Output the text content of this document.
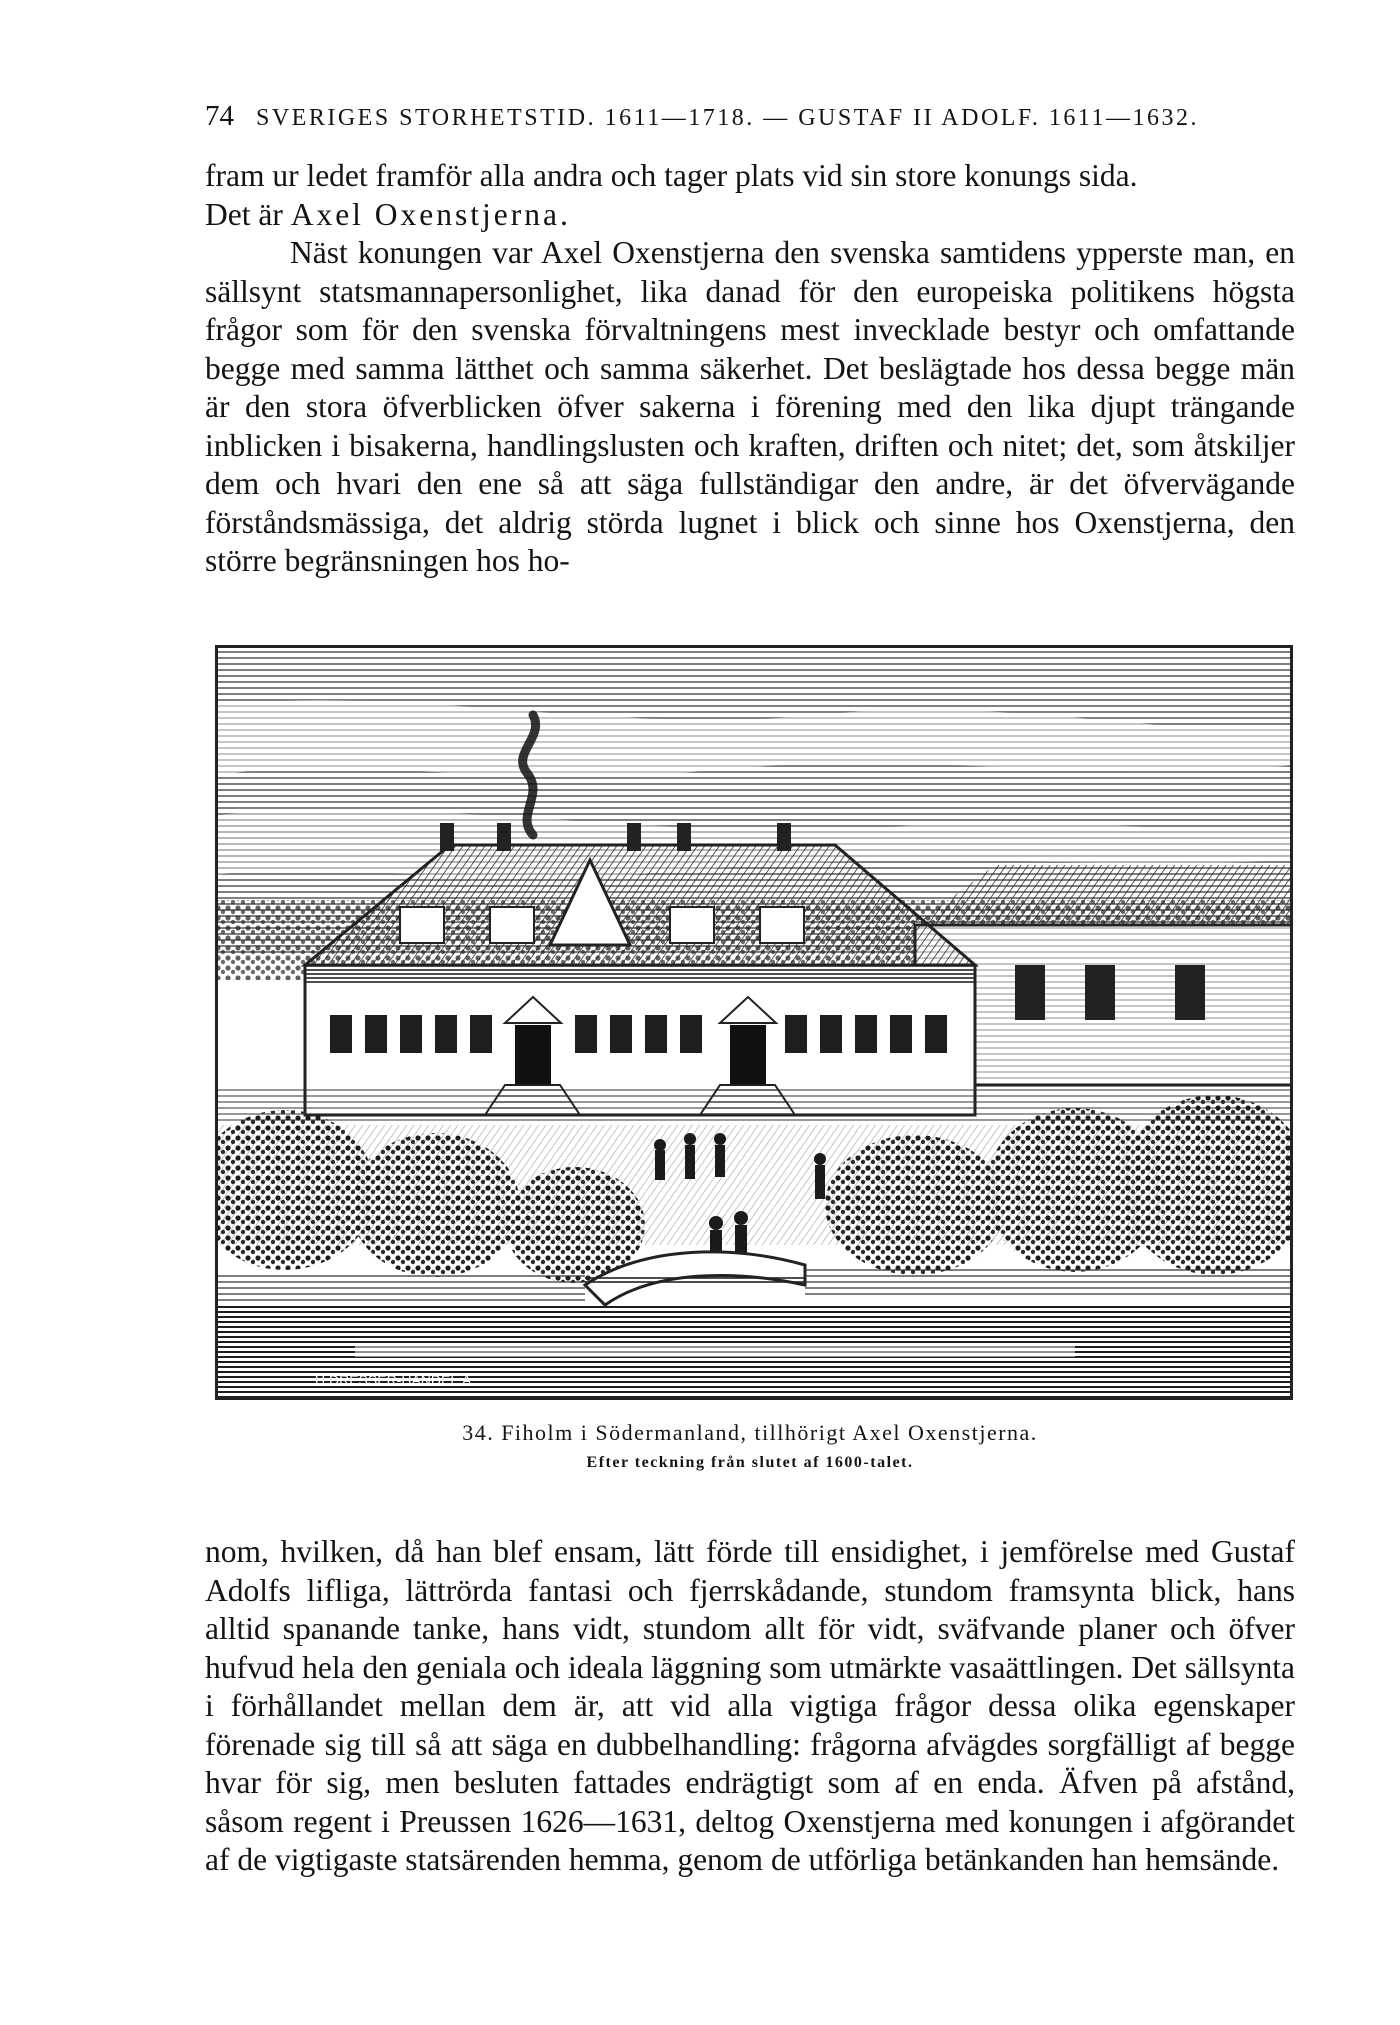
74 SVERIGES STORHETSTID. 1611—1718. — GUSTAF II ADOLF. 1611—1632.

fram ur ledet framför alla andra och tager plats vid sin store konungs sida.

Det är Axel Oxenstjerna.

Näst konungen var Axel Oxenstjerna den svenska samtidens ypperste man, en sällsynt statsmannapersonlighet, lika danad för den europeiska politikens högsta frågor som för den svenska förvaltningens mest invecklade bestyr och omfattande begge med samma lätthet och samma säkerhet. Det beslägtade hos dessa begge män är den stora öfverblicken öfver sakerna i förening med den lika djupt trängande inblicken i bisakerna, handlingslusten och kraften, driften och nitet; det, som åtskiljer dem och hvari den ene så att säga fullständigar den andre, är det öfvervägande förståndsmässiga, det aldrig störda lugnet i blick och sinne hos Oxenstjerna, den större begränsningen hos ho-

H.DRESSER-HANDEL.A.
34. Fiholm i Södermanland, tillhörigt Axel Oxenstjerna.
Efter teckning från slutet af 1600-talet.

nom, hvilken, då han blef ensam, lätt förde till ensidighet, i jemförelse med Gustaf Adolfs lifliga, lättrörda fantasi och fjerrskådande, stundom framsynta blick, hans alltid spanande tanke, hans vidt, stundom allt för vidt, sväfvande planer och öfver hufvud hela den geniala och ideala läggning som utmärkte vasaättlingen. Det sällsynta i förhållandet mellan dem är, att vid alla vigtiga frågor dessa olika egenskaper förenade sig till så att säga en dubbelhandling: frågorna afvägdes sorgfälligt af begge hvar för sig, men besluten fattades endrägtigt som af en enda. Äfven på afstånd, såsom regent i Preussen 1626—1631, deltog Oxenstjerna med konungen i afgörandet af de vigtigaste statsärenden hemma, genom de utförliga betänkanden han hemsände.
